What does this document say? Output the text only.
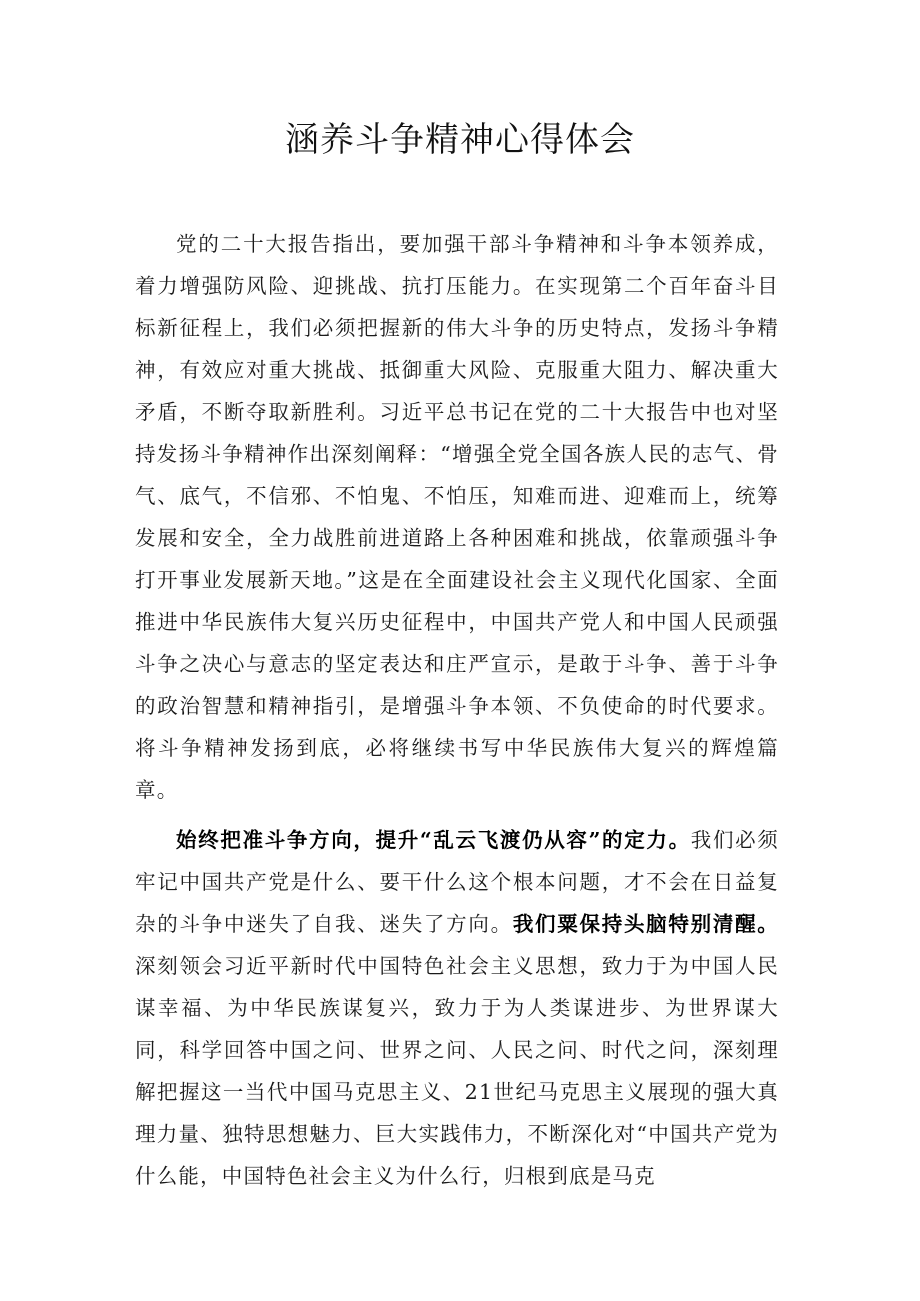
涵养斗争精神心得体会

党的二十大报告指出，要加强干部斗争精神和斗争本领养成，着力增强防风险、迎挑战、抗打压能力。在实现第二个百年奋斗目标新征程上，我们必须把握新的伟大斗争的历史特点，发扬斗争精神，有效应对重大挑战、抵御重大风险、克服重大阻力、解决重大矛盾，不断夺取新胜利。习近平总书记在党的二十大报告中也对坚持发扬斗争精神作出深刻阐释：“增强全党全国各族人民的志气、骨气、底气，不信邪、不怕鬼、不怕压，知难而进、迎难而上，统筹发展和安全，全力战胜前进道路上各种困难和挑战，依靠顽强斗争打开事业发展新天地。”这是在全面建设社会主义现代化国家、全面推进中华民族伟大复兴历史征程中，中国共产党人和中国人民顽强斗争之决心与意志的坚定表达和庄严宣示，是敢于斗争、善于斗争的政治智慧和精神指引，是增强斗争本领、不负使命的时代要求。将斗争精神发扬到底，必将继续书写中华民族伟大复兴的辉煌篇章。

始终把准斗争方向，提升“乱云飞渡仍从容”的定力。我们必须牢记中国共产党是什么、要干什么这个根本问题，才不会在日益复杂的斗争中迷失了自我、迷失了方向。我们粟保持头脑特别清醒。深刻领会习近平新时代中国特色社会主义思想，致力于为中国人民谋幸福、为中华民族谋复兴，致力于为人类谋进步、为世界谋大同，科学回答中国之问、世界之问、人民之问、时代之问，深刻理解把握这一当代中国马克思主义、21世纪马克思主义展现的强大真理力量、独特思想魅力、巨大实践伟力，不断深化对“中国共产党为什么能，中国特色社会主义为什么行，归根到底是马克
